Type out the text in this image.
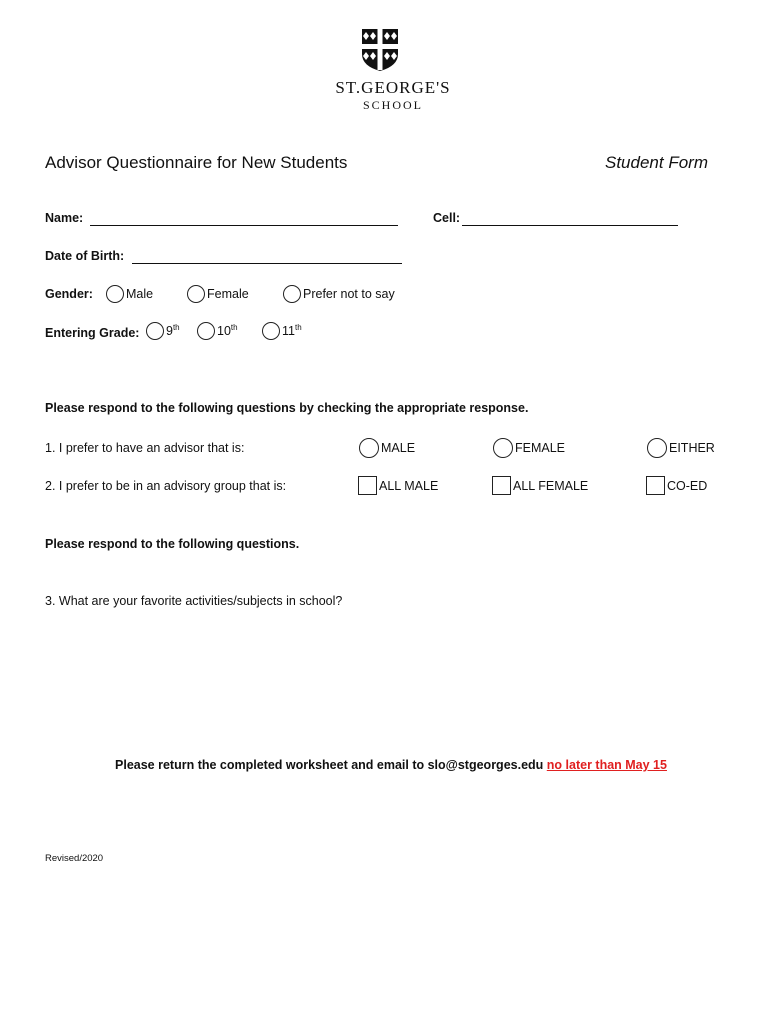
ST.GEORGE'S
SCHOOL
Advisor Questionnaire for New Students	Student Form
Name:	Cell:
Date of Birth:
Gender:	Male	Female	Prefer not to say
Entering Grade: 9th	10th	11th
Please respond to the following questions by checking the appropriate response.
1. I prefer to have an advisor that is:	MALE	FEMALE	EITHER
2. I prefer to be in an advisory group that is:	ALL MALE	ALL FEMALE	CO-ED
Please respond to the following questions.
3. What are your favorite activities/subjects in school?
Please return the completed worksheet and email to slo@stgeorges.edu no later than May 15
Revised/2020
